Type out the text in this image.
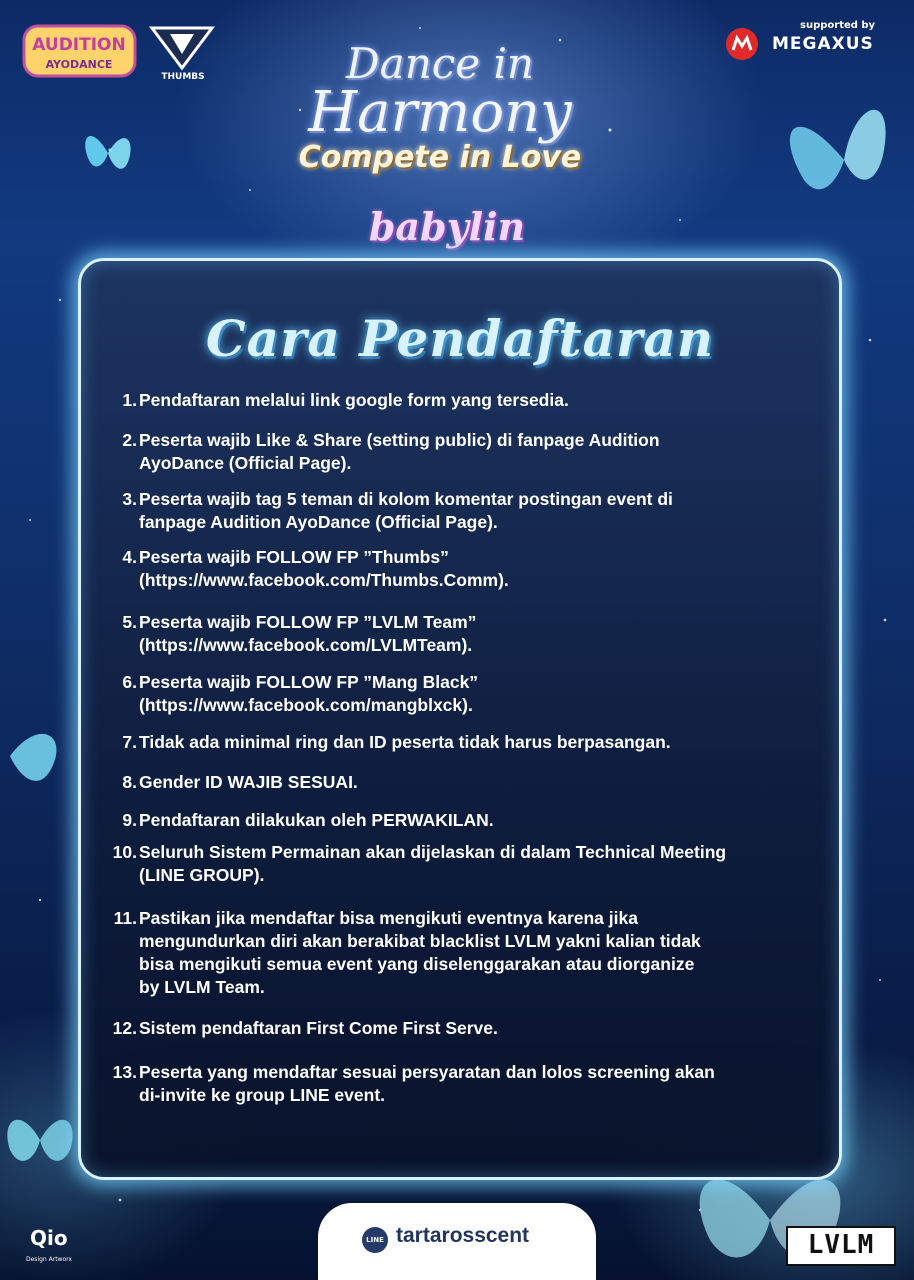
AUDITION
AYODANCE
THUMBS
supported by
MEGAXUS
Dance in
Harmony
Compete in Love
babylin
Cara Pendaftaran
1. Pendaftaran melalui link google form yang tersedia.
2. Peserta wajib Like & Share (setting public) di fanpage Audition
AyoDance (Official Page).
3. Peserta wajib tag 5 teman di kolom komentar postingan event di
fanpage Audition AyoDance (Official Page).
4. Peserta wajib FOLLOW FP ”Thumbs”
(https://www.facebook.com/Thumbs.Comm).
5. Peserta wajib FOLLOW FP ”LVLM Team”
(https://www.facebook.com/LVLMTeam).
6. Peserta wajib FOLLOW FP ”Mang Black”
(https://www.facebook.com/mangblxck).
7. Tidak ada minimal ring dan ID peserta tidak harus berpasangan.
8. Gender ID WAJIB SESUAI.
9. Pendaftaran dilakukan oleh PERWAKILAN.
10. Seluruh Sistem Permainan akan dijelaskan di dalam Technical Meeting
(LINE GROUP).
11. Pastikan jika mendaftar bisa mengikuti eventnya karena jika
mengundurkan diri akan berakibat blacklist LVLM yakni kalian tidak
bisa mengikuti semua event yang diselenggarakan atau diorganize
by LVLM Team.
12. Sistem pendaftaran First Come First Serve.
13. Peserta yang mendaftar sesuai persyaratan dan lolos screening akan
di-invite ke group LINE event.
LINE tartarosscent
Qio
Design Artworx	LVLM
